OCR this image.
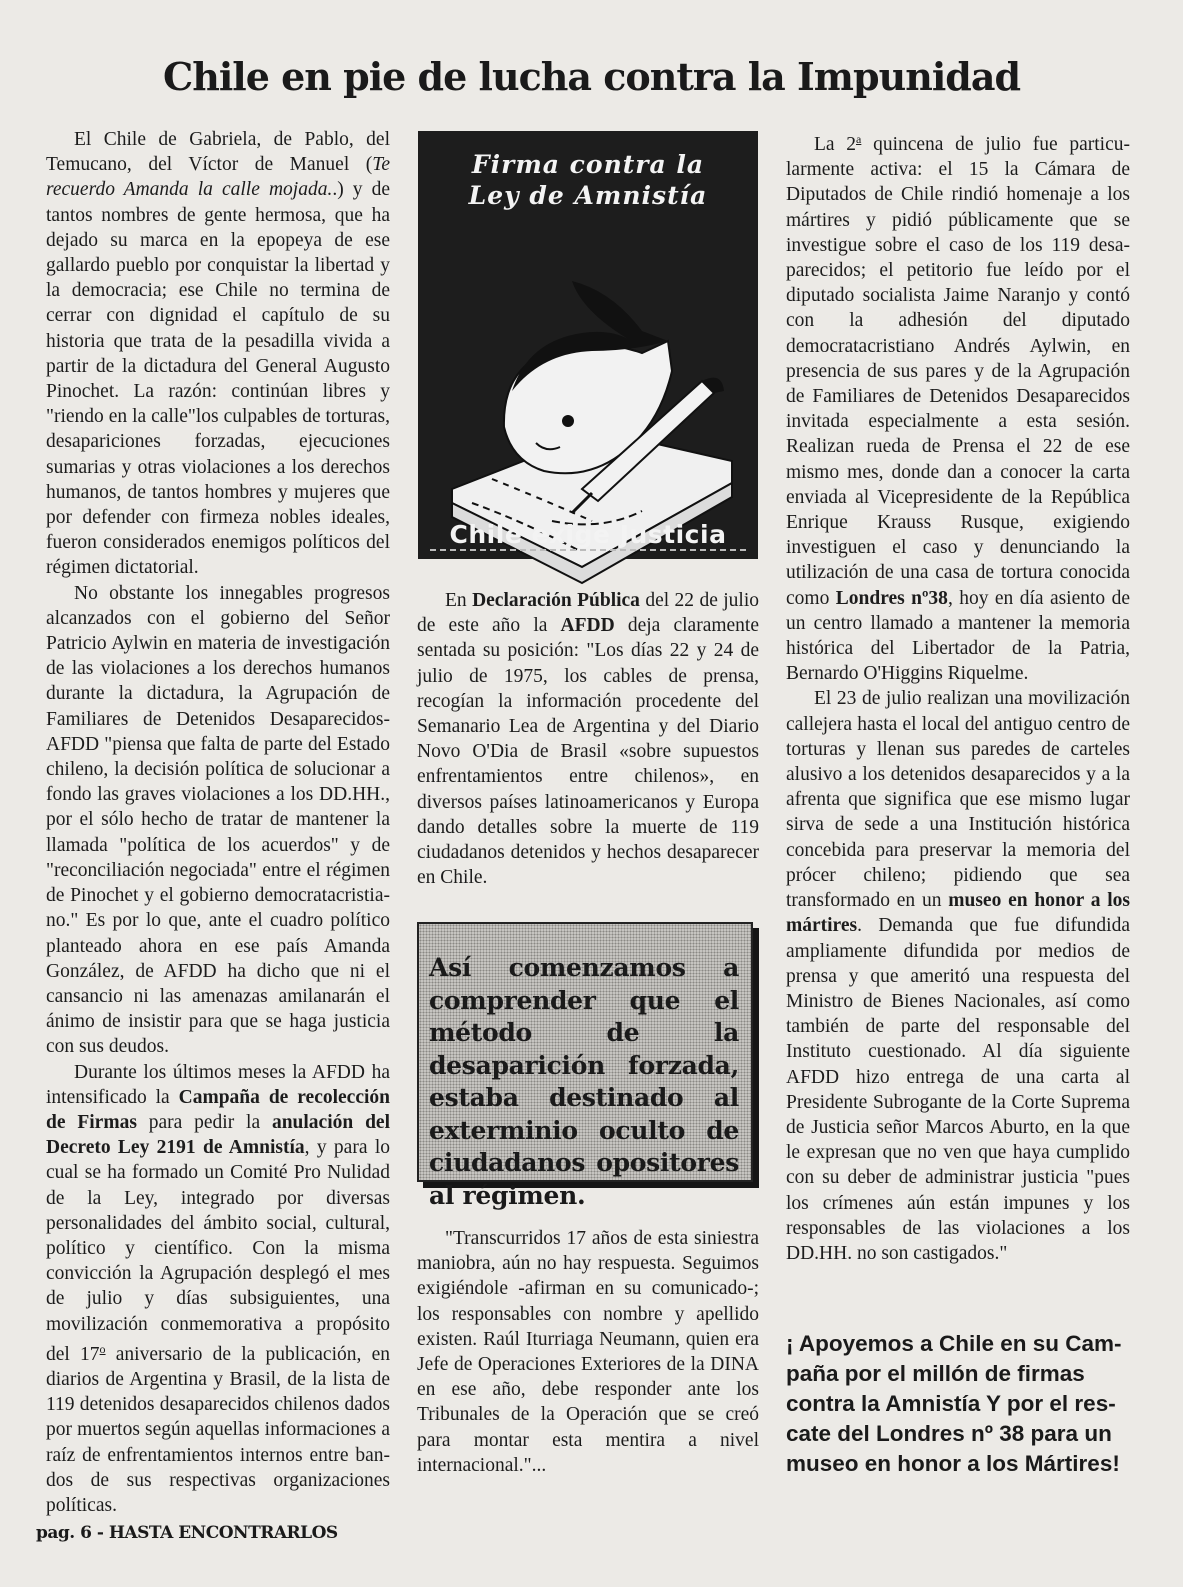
Chile en pie de lucha contra la Impunidad

El Chile de Gabriela, de Pablo, del Temucano, del Víctor de Manuel (Te recuerdo Amanda la calle mojada..) y de tantos nombres de gente hermosa, que ha dejado su marca en la epopeya de ese gallardo pueblo por conquistar la libertad y la democracia; ese Chile no termina de cerrar con dignidad el capítulo de su historia que trata de la pesadilla vivida a partir de la dictadura del General Augusto Pinochet. La razón: continúan libres y "riendo en la calle"los culpables de torturas, desapariciones forzadas, ejecuciones sumarias y otras violaciones a los derechos humanos, de tantos hombres y mujeres que por defender con firmeza nobles ideales, fueron considerados enemigos políticos del régimen dictatorial.

No obstante los innegables progresos alcanzados con el gobierno del Señor Patricio Aylwin en materia de investigación de las violaciones a los derechos humanos durante la dictadura, la Agrupación de Familiares de Detenidos Desaparecidos-AFDD "piensa que falta de parte del Estado chileno, la decisión política de solucionar a fondo las graves violaciones a los DD.HH., por el sólo hecho de tratar de mantener la llamada "política de los acuerdos" y de "reconciliación negociada" entre el régimen de Pinochet y el gobierno democratacristiano." Es por lo que, ante el cuadro político planteado ahora en ese país Amanda González, de AFDD ha dicho que ni el cansancio ni las amenazas amilanarán el ánimo de insistir para que se haga justicia con sus deudos.

Durante los últimos meses la AFDD ha intensificado la Campaña de recolección de Firmas para pedir la anulación del Decreto Ley 2191 de Amnistía, y para lo cual se ha formado un Comité Pro Nulidad de la Ley, integrado por diversas personalidades del ámbito social, cultural, político y científico. Con la misma convicción la Agrupación desplegó el mes de julio y días subsiguientes, una movilización conmemorativa a propósito del 17$^o$ aniversario de la publicación, en diarios de Argentina y Brasil, de la lista de 119 detenidos desaparecidos chilenos dados por muertos según aquellas informaciones a raíz de enfrentamientos internos entre bandos de sus respectivas organizaciones políticas.

Firma contra la
Ley de Amnistía
Chile exige Justicia

En Declaración Pública del 22 de julio de este año la AFDD deja claramente sentada su posición: "Los días 22 y 24 de julio de 1975, los cables de prensa, recogían la información procedente del Semanario Lea de Argentina y del Diario Novo O'Dia de Brasil «sobre supuestos enfrentamientos entre chilenos», en diversos países latinoamericanos y Europa dando detalles sobre la muerte de 119 ciudadanos detenidos y hechos desaparecer en Chile.

Así comenzamos a comprender que el método de la desaparición forzada, estaba destinado al exterminio oculto de ciudadanos opositores al régimen.

"Transcurridos 17 años de esta siniestra maniobra, aún no hay respuesta. Seguimos exigiéndole -afirman en su comunicado-; los responsables con nombre y apellido existen. Raúl Iturriaga Neumann, quien era Jefe de Operaciones Exteriores de la DINA en ese año, debe responder ante los Tribunales de la Operación que se creó para montar esta mentira a nivel internacional."...

La 2$^a$ quincena de julio fue particularmente activa: el 15 la Cámara de Diputados de Chile rindió homenaje a los mártires y pidió públicamente que se investigue sobre el caso de los 119 desaparecidos; el petitorio fue leído por el diputado socialista Jaime Naranjo y contó con la adhesión del diputado democratacristiano Andrés Aylwin, en presencia de sus pares y de la Agrupación de Familiares de Detenidos Desaparecidos invitada especialmente a esta sesión. Realizan rueda de Prensa el 22 de ese mismo mes, donde dan a conocer la carta enviada al Vicepresidente de la República Enrique Krauss Rusque, exigiendo investiguen el caso y denunciando la utilización de una casa de tortura conocida como Londres nº38, hoy en día asiento de un centro llamado a mantener la memoria histórica del Libertador de la Patria, Bernardo O'Higgins Riquelme.

El 23 de julio realizan una movilización callejera hasta el local del antiguo centro de torturas y llenan sus paredes de carteles alusivo a los detenidos desaparecidos y a la afrenta que significa que ese mismo lugar sirva de sede a una Institución histórica concebida para preservar la memoria del prócer chileno; pidiendo que sea transformado en un museo en honor a los mártires. Demanda que fue difundida ampliamente difundida por medios de prensa y que ameritó una respuesta del Ministro de Bienes Nacionales, así como también de parte del responsable del Instituto cuestionado. Al día siguiente AFDD hizo entrega de una carta al Presidente Subrogante de la Corte Suprema de Justicia señor Marcos Aburto, en la que le expresan que no ven que haya cumplido con su deber de administrar justicia "pues los crímenes aún están impunes y los responsables de las violaciones a los DD.HH. no son castigados."

¡ Apoyemos a Chile en su Campaña por el millón de firmas contra la Amnistía Y por el rescate del Londres nº 38 para un museo en honor a los Mártires!
pag. 6 - HASTA ENCONTRARLOS
